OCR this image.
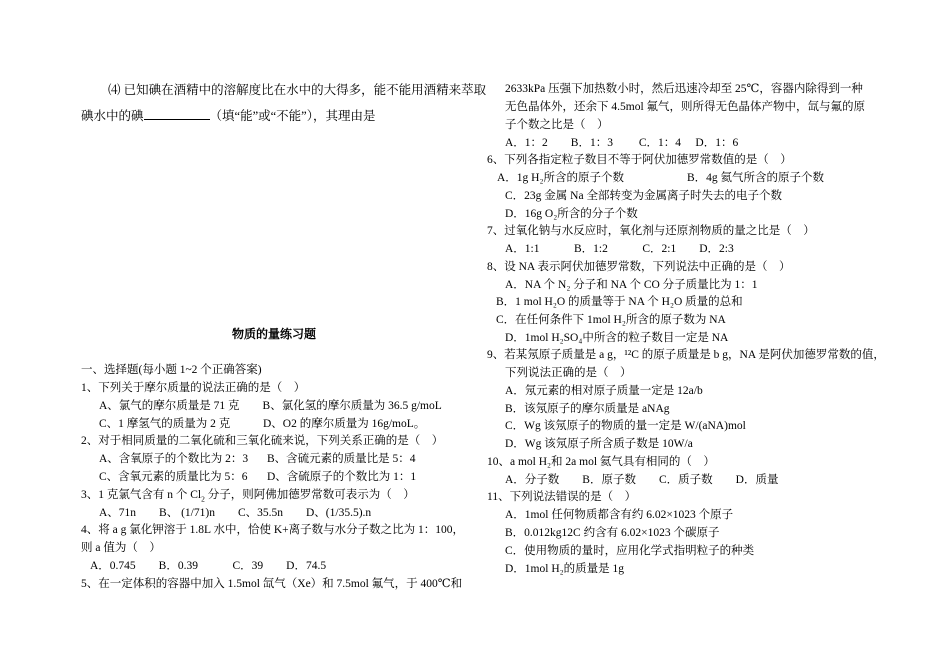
⑷ 已知碘在酒精中的溶解度比在水中的大得多，能不能用酒精来萃取
碘水中的碘	（填“能”或“不能”），其理由是
物质的量练习题
一、选择题(每小题 1~2 个正确答案)
1、下列关于摩尔质量的说法正确的是（　）
A、氯气的摩尔质量是 71 克　　B、氯化氢的摩尔质量为 36.5 g/moL
C、1 摩氢气的质量为 2 克	D、O2 的摩尔质量为 16g/moL。
2、对于相同质量的二氧化硫和三氧化硫来说，下列关系正确的是（　）
A、含氧原子的个数比为 2：3 B、含硫元素的质量比是 5：4
C、含氧元素的质量比为 5：6 D、含硫原子的个数比为 1：1
3、1 克氯气含有 n 个 $Cl_2$ 分子，则阿佛加德罗常数可表示为（　）
A、71n　　B、 (1/71)n　　C、35.5n　　D、(1/35.5).n
4、将 a g 氯化钾溶于 1.8L 水中，恰使 K+离子数与水分子数之比为 1：100，
则 a 值为（　）
A．0.745　　B．0.39　　　C．39　　D．74.5
5、在一定体积的容器中加入 1.5mol 氙气（Xe）和 7.5mol 氟气，于 400℃和
2633kPa 压强下加热数小时，然后迅速冷却至 25℃，容器内除得到一种
无色晶体外，还余下 4.5mol 氟气，则所得无色晶体产物中，氙与氟的原
子个数之比是（　）
A．1：2　　B．1：3　　 C．1：4　 D．1：6
6、下列各指定粒子数目不等于阿伏加德罗常数值的是（　）
A．1g H₂所含的原子个数	B．4g 氦气所含的原子个数
C．23g 金属 Na 全部转变为金属离子时失去的电子个数
D．16g O₂所含的分子个数
7、过氧化钠与水反应时，氧化剂与还原剂物质的量之比是（　）
A．1:1　　　B．1:2　　　C．2:1　　D．2:3
8、设 NA 表示阿伏加德罗常数，下列说法中正确的是（　）
A．NA 个 N₂ 分子和 NA 个 CO 分子质量比为 1：1
B．1 mol H₂O 的质量等于 NA 个 H₂O 质量的总和
C．在任何条件下 1mol H₂所含的原子数为 NA
D．1mol H₂SO₄中所含的粒子数目一定是 NA
9、若某氖原子质量是 a g，¹²C 的原子质量是 b g，NA 是阿伏加德罗常数的值，
下列说法正确的是（　）
A．氖元素的相对原子质量一定是 12a/b
B．该氖原子的摩尔质量是 aNAg
C．Wg 该氖原子的物质的量一定是 W/(aNA)mol
D．Wg 该氖原子所含质子数是 10W/a
10、a mol H₂和 2a mol 氦气具有相同的（　）
A．分子数　　B．原子数　　C．质子数　　D．质量
11、下列说法错误的是（　）
A．1mol 任何物质都含有约 6.02×1023 个原子
B．0.012kg12C 约含有 6.02×1023 个碳原子
C．使用物质的量时，应用化学式指明粒子的种类
D．1mol H₂的质量是 1g
